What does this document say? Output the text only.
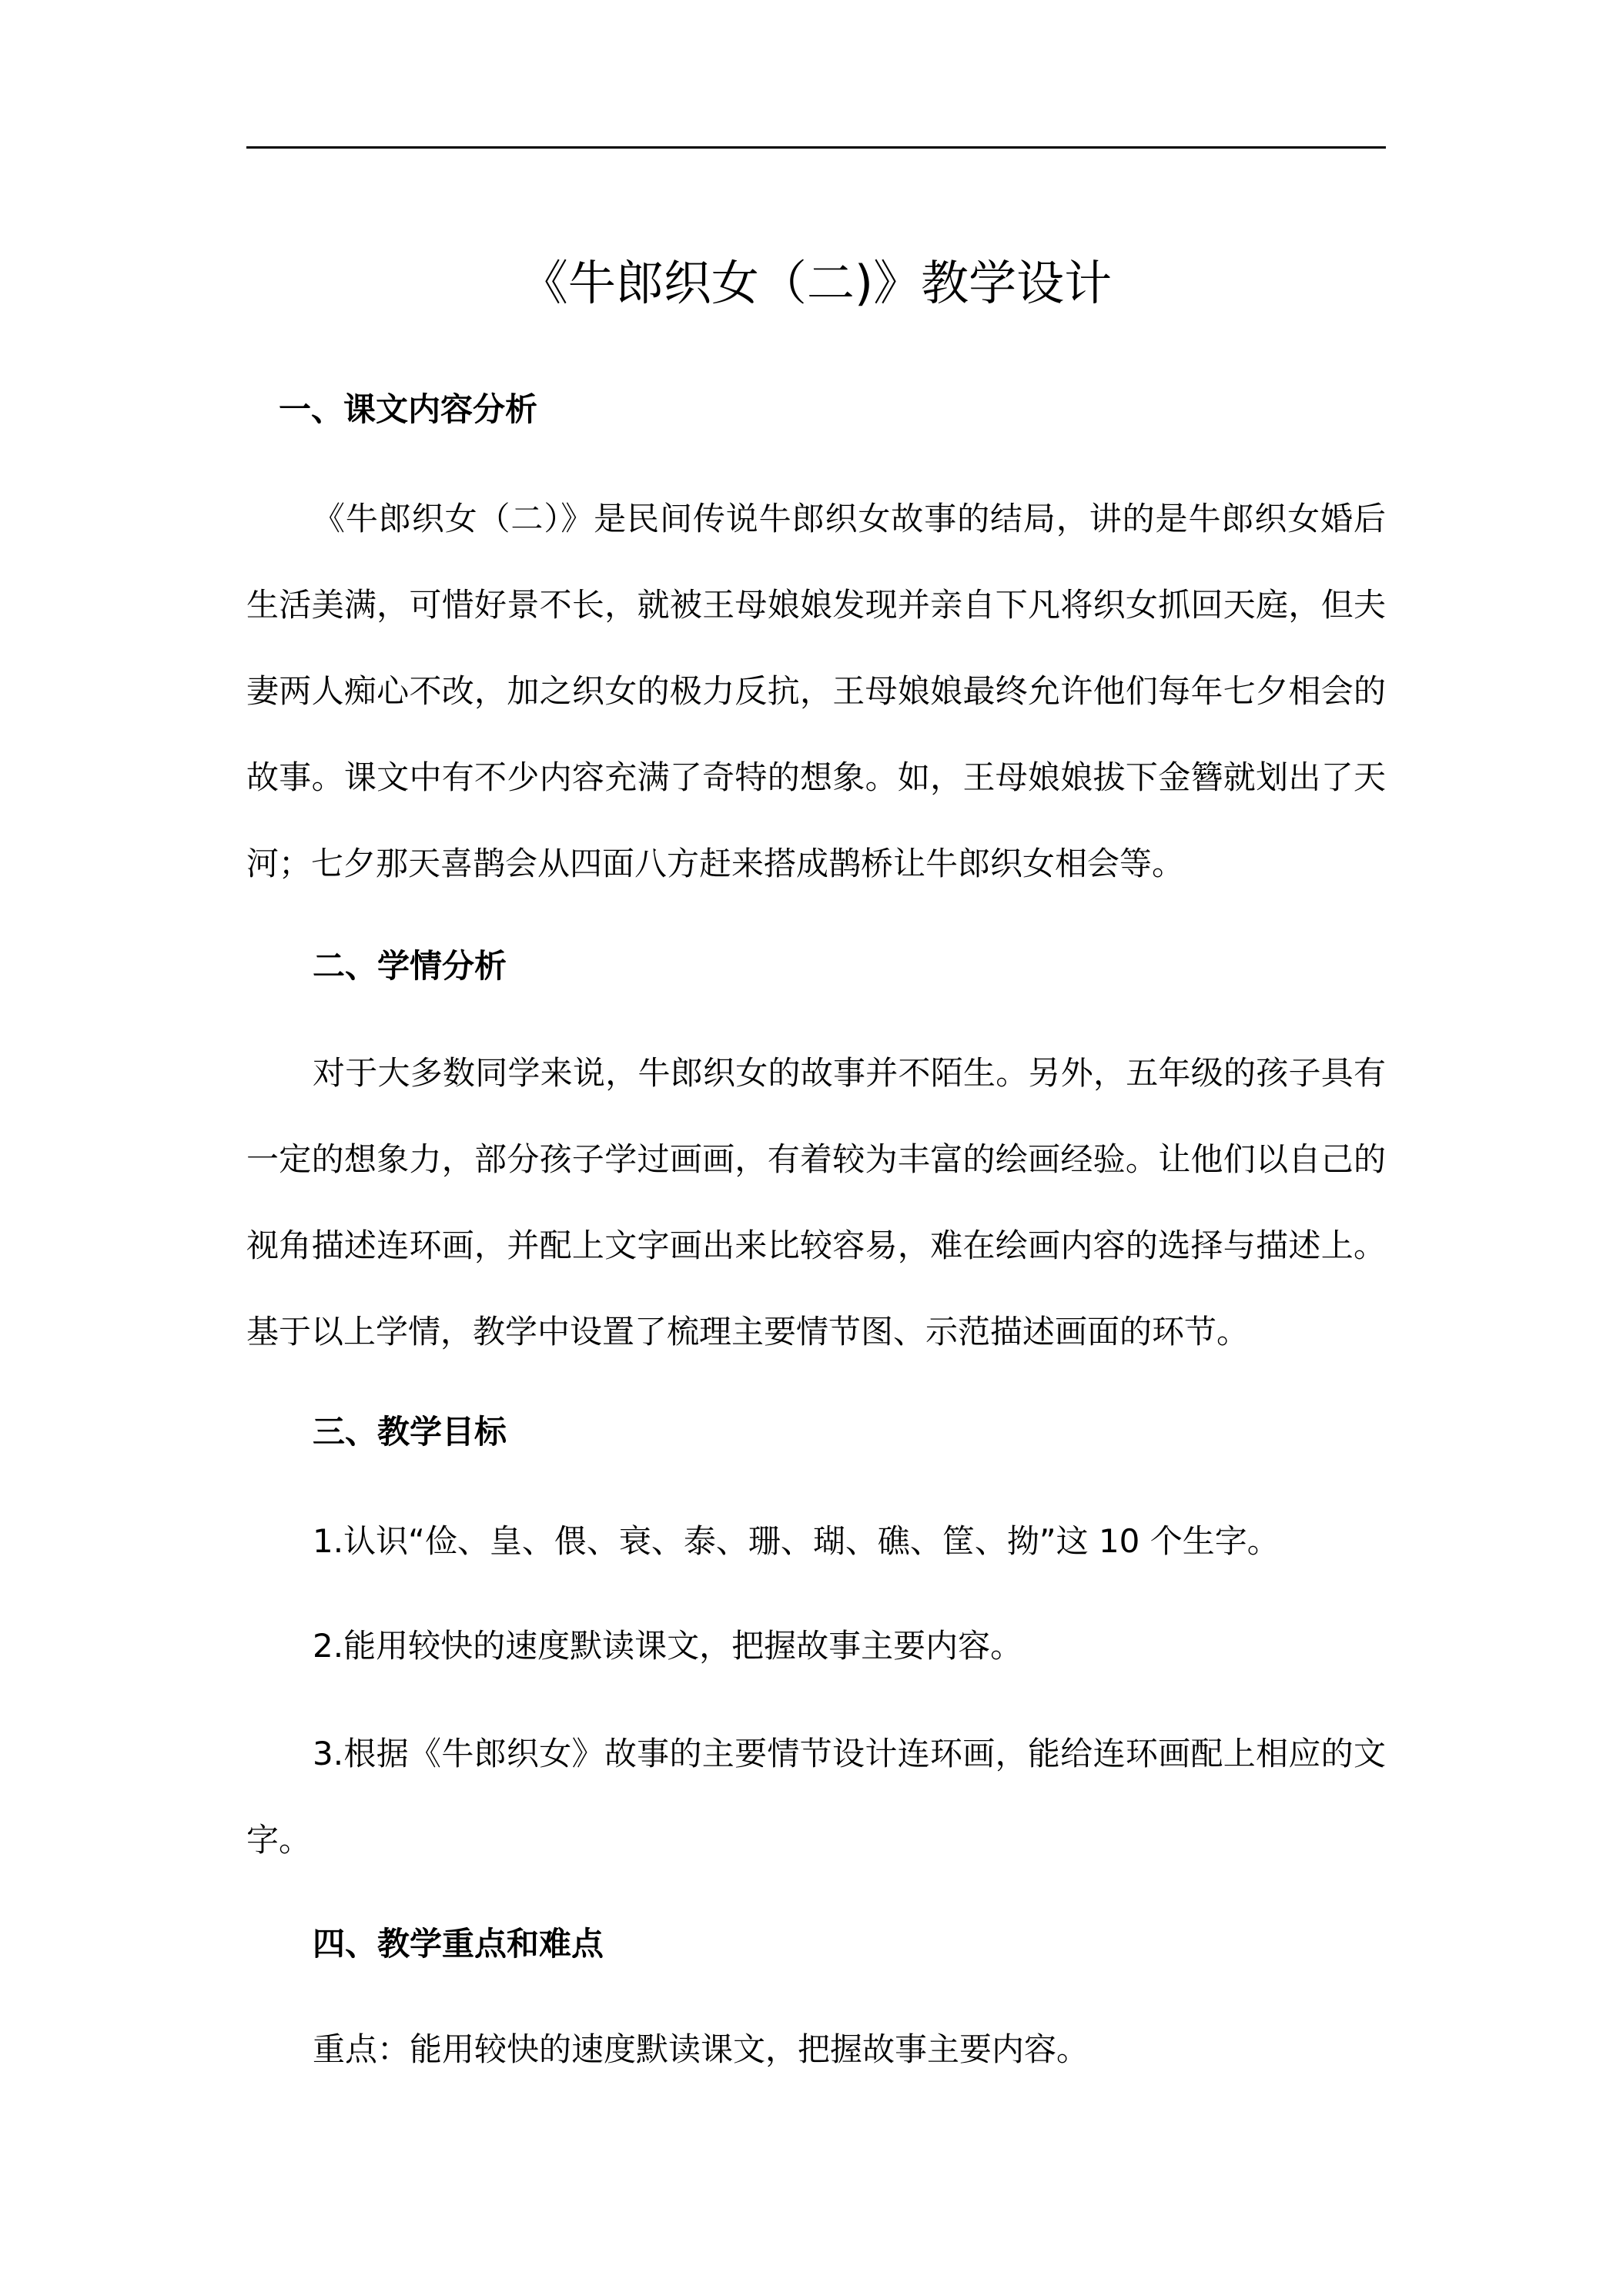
《牛郎织女（二)》教学设计
一、课文内容分析
《牛郎织女（二）》是民间传说牛郎织女故事的结局，讲的是牛郎织女婚后
生活美满，可惜好景不长，就被王母娘娘发现并亲自下凡将织女抓回天庭，但夫
妻两人痴心不改，加之织女的极力反抗，王母娘娘最终允许他们每年七夕相会的
故事。课文中有不少内容充满了奇特的想象。如，王母娘娘拔下金簪就划出了天
河；七夕那天喜鹊会从四面八方赶来搭成鹊桥让牛郎织女相会等。
二、学情分析
对于大多数同学来说，牛郎织女的故事并不陌生。另外，五年级的孩子具有
一定的想象力，部分孩子学过画画，有着较为丰富的绘画经验。让他们以自己的
视角描述连环画，并配上文字画出来比较容易，难在绘画内容的选择与描述上。
基于以上学情，教学中设置了梳理主要情节图、示范描述画面的环节。
三、教学目标
1.认识“俭、皇、偎、衰、泰、珊、瑚、礁、筐、拗”这 10 个生字。
2.能用较快的速度默读课文，把握故事主要内容。
3.根据《牛郎织女》故事的主要情节设计连环画，能给连环画配上相应的文
字。
四、教学重点和难点
重点：能用较快的速度默读课文，把握故事主要内容。
